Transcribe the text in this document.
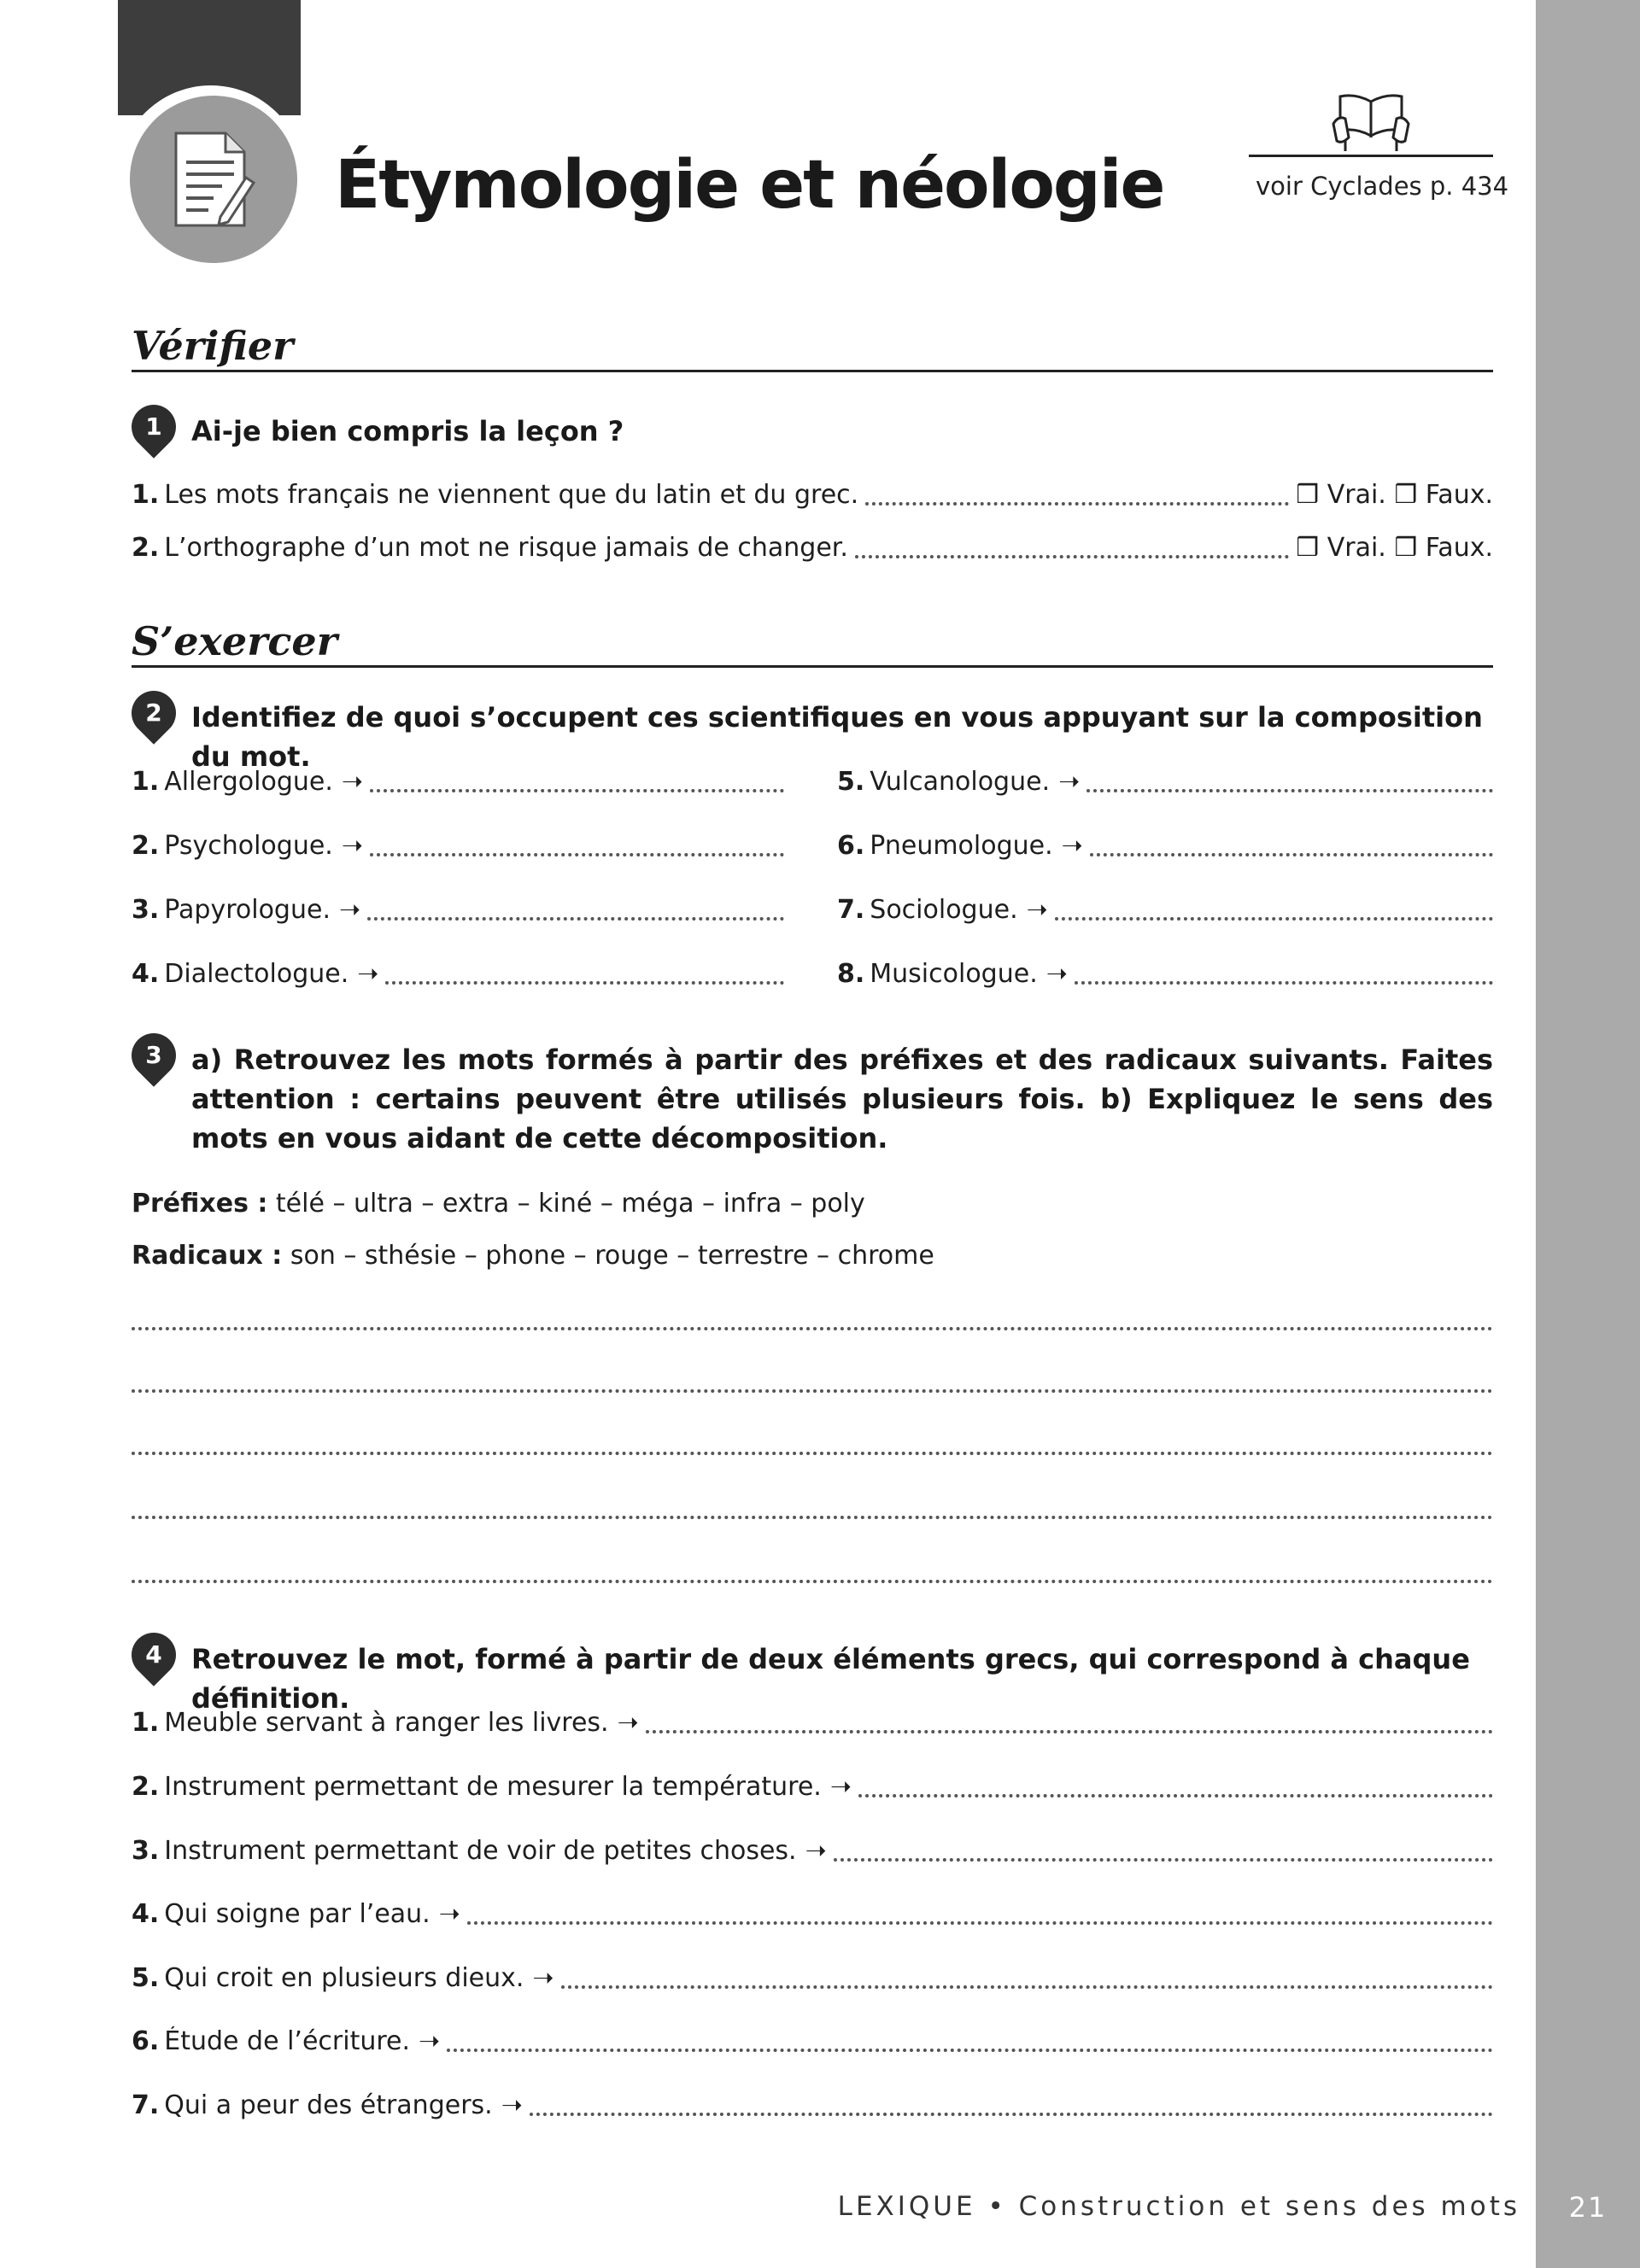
Étymologie et néologie	voir Cyclades p. 434
Vérifier
1	Ai-je bien compris la leçon ?
1. Les mots français ne viennent que du latin et du grec.	❒ Vrai. ❒ Faux.
2. L’orthographe d’un mot ne risque jamais de changer.	❒ Vrai. ❒ Faux.
S’exercer
2	Identifiez de quoi s’occupent ces scientifiques en vous appuyant sur la composition du mot.
1. Allergologue. ➝
2. Psychologue. ➝
3. Papyrologue. ➝
4. Dialectologue. ➝
5. Vulcanologue. ➝
6. Pneumologue. ➝
7. Sociologue. ➝
8. Musicologue. ➝
3	a) Retrouvez les mots formés à partir des préfixes et des radicaux suivants. Faites attention : certains peuvent être utilisés plusieurs fois. b) Expliquez le sens des mots en vous aidant de cette décomposition.
Préfixes : télé – ultra – extra – kiné – méga – infra – poly
Radicaux : son – sthésie – phone – rouge – terrestre – chrome
4	Retrouvez le mot, formé à partir de deux éléments grecs, qui correspond à chaque définition.
1. Meuble servant à ranger les livres. ➝
2. Instrument permettant de mesurer la température. ➝
3. Instrument permettant de voir de petites choses. ➝
4. Qui soigne par l’eau. ➝
5. Qui croit en plusieurs dieux. ➝
6. Étude de l’écriture. ➝
7. Qui a peur des étrangers. ➝
LEXIQUE • Construction et sens des mots	21
